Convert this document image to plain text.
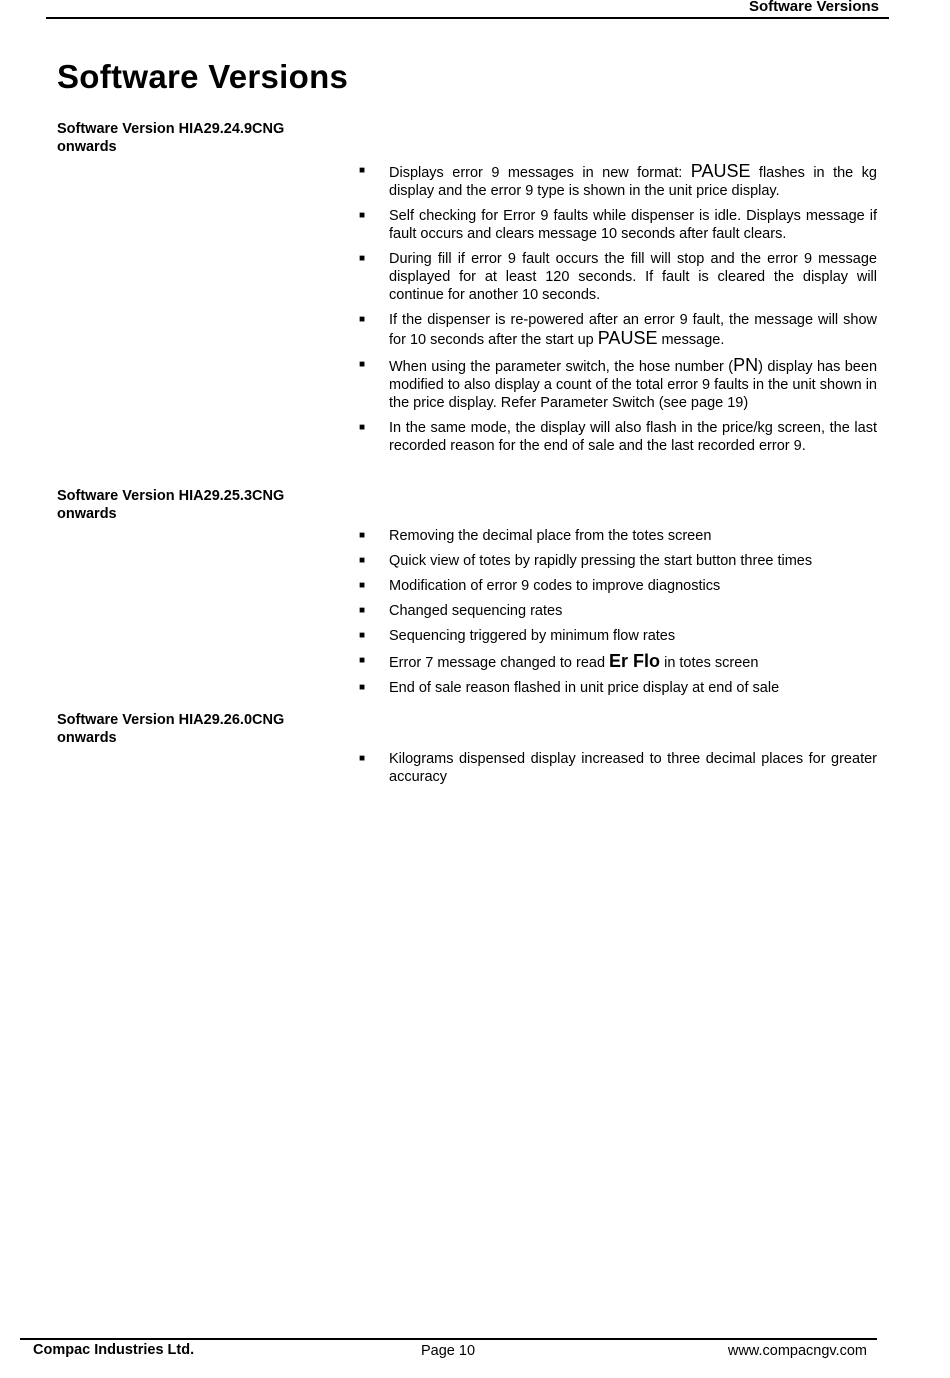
Software Versions
Software Versions
Software Version HIA29.24.9CNG onwards
■ Displays error 9 messages in new format: PAUSE flashes in the kg display and the error 9 type is shown in the unit price display.
■ Self checking for Error 9 faults while dispenser is idle. Displays message if fault occurs and clears message 10 seconds after fault clears.
■ During fill if error 9 fault occurs the fill will stop and the error 9 message displayed for at least 120 seconds. If fault is cleared the display will continue for another 10 seconds.
■ If the dispenser is re-powered after an error 9 fault, the message will show for 10 seconds after the start up PAUSE message.
■ When using the parameter switch, the hose number (PN) display has been modified to also display a count of the total error 9 faults in the unit shown in the price display. Refer Parameter Switch (see page 19)
■ In the same mode, the display will also flash in the price/kg screen, the last recorded reason for the end of sale and the last recorded error 9.
Software Version HIA29.25.3CNG onwards
■ Removing the decimal place from the totes screen
■ Quick view of totes by rapidly pressing the start button three times
■ Modification of error 9 codes to improve diagnostics
■ Changed sequencing rates
■ Sequencing triggered by minimum flow rates
■ Error 7 message changed to read Er Flo in totes screen
■ End of sale reason flashed in unit price display at end of sale
Software Version HIA29.26.0CNG onwards
■ Kilograms dispensed display increased to three decimal places for greater accuracy
Compac Industries Ltd.	Page 10	www.compacngv.com
